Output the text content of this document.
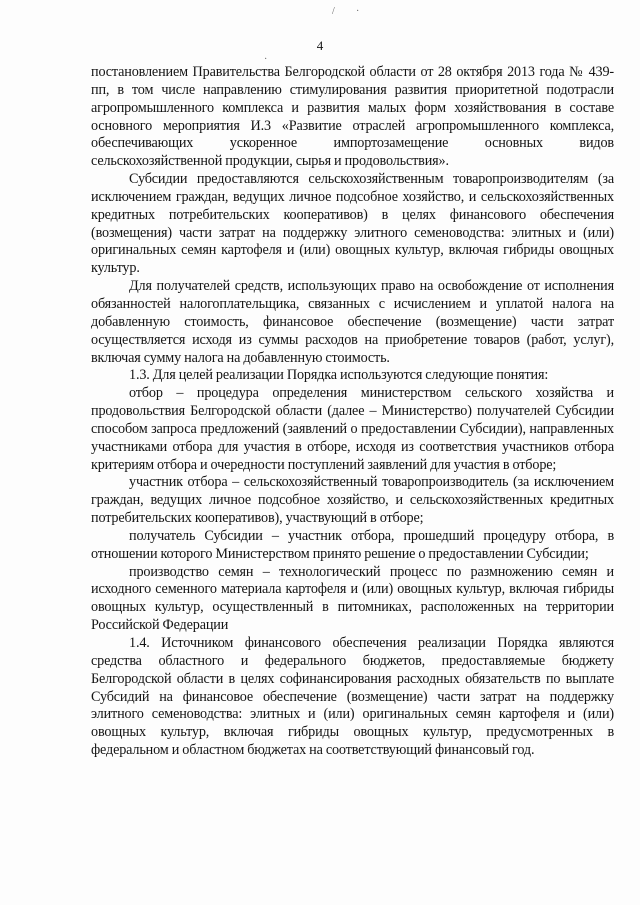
/ ·
·
4

постановлением Правительства Белгородской области от 28 октября 2013 года № 439-пп, в том числе направлению стимулирования развития приоритетной подотрасли агропромышленного комплекса и развития малых форм хозяйствования в составе основного мероприятия И.3 «Развитие отраслей агропромышленного комплекса, обеспечивающих ускоренное импортозамещение основных видов сельскохозяйственной продукции, сырья и продовольствия».

Субсидии предоставляются сельскохозяйственным товаропроизводителям (за исключением граждан, ведущих личное подсобное хозяйство, и сельскохозяйственных кредитных потребительских кооперативов) в целях финансового обеспечения (возмещения) части затрат на поддержку элитного семеноводства: элитных и (или) оригинальных семян картофеля и (или) овощных культур, включая гибриды овощных культур.

Для получателей средств, использующих право на освобождение от исполнения обязанностей налогоплательщика, связанных с исчислением и уплатой налога на добавленную стоимость, финансовое обеспечение (возмещение) части затрат осуществляется исходя из суммы расходов на приобретение товаров (работ, услуг), включая сумму налога на добавленную стоимость.

1.3. Для целей реализации Порядка используются следующие понятия:

отбор – процедура определения министерством сельского хозяйства и продовольствия Белгородской области (далее – Министерство) получателей Субсидии способом запроса предложений (заявлений о предоставлении Субсидии), направленных участниками отбора для участия в отборе, исходя из соответствия участников отбора критериям отбора и очередности поступлений заявлений для участия в отборе;

участник отбора – сельскохозяйственный товаропроизводитель (за исключением граждан, ведущих личное подсобное хозяйство, и сельскохозяйственных кредитных потребительских кооперативов), участвующий в отборе;

получатель Субсидии – участник отбора, прошедший процедуру отбора, в отношении которого Министерством принято решение о предоставлении Субсидии;

производство семян – технологический процесс по размножению семян и исходного семенного материала картофеля и (или) овощных культур, включая гибриды овощных культур, осуществленный в питомниках, расположенных на территории Российской Федерации

1.4. Источником финансового обеспечения реализации Порядка являются средства областного и федерального бюджетов, предоставляемые бюджету Белгородской области в целях софинансирования расходных обязательств по выплате Субсидий на финансовое обеспечение (возмещение) части затрат на поддержку элитного семеноводства: элитных и (или) оригинальных семян картофеля и (или) овощных культур, включая гибриды овощных культур, предусмотренных в федеральном и областном бюджетах на соответствующий финансовый год.
